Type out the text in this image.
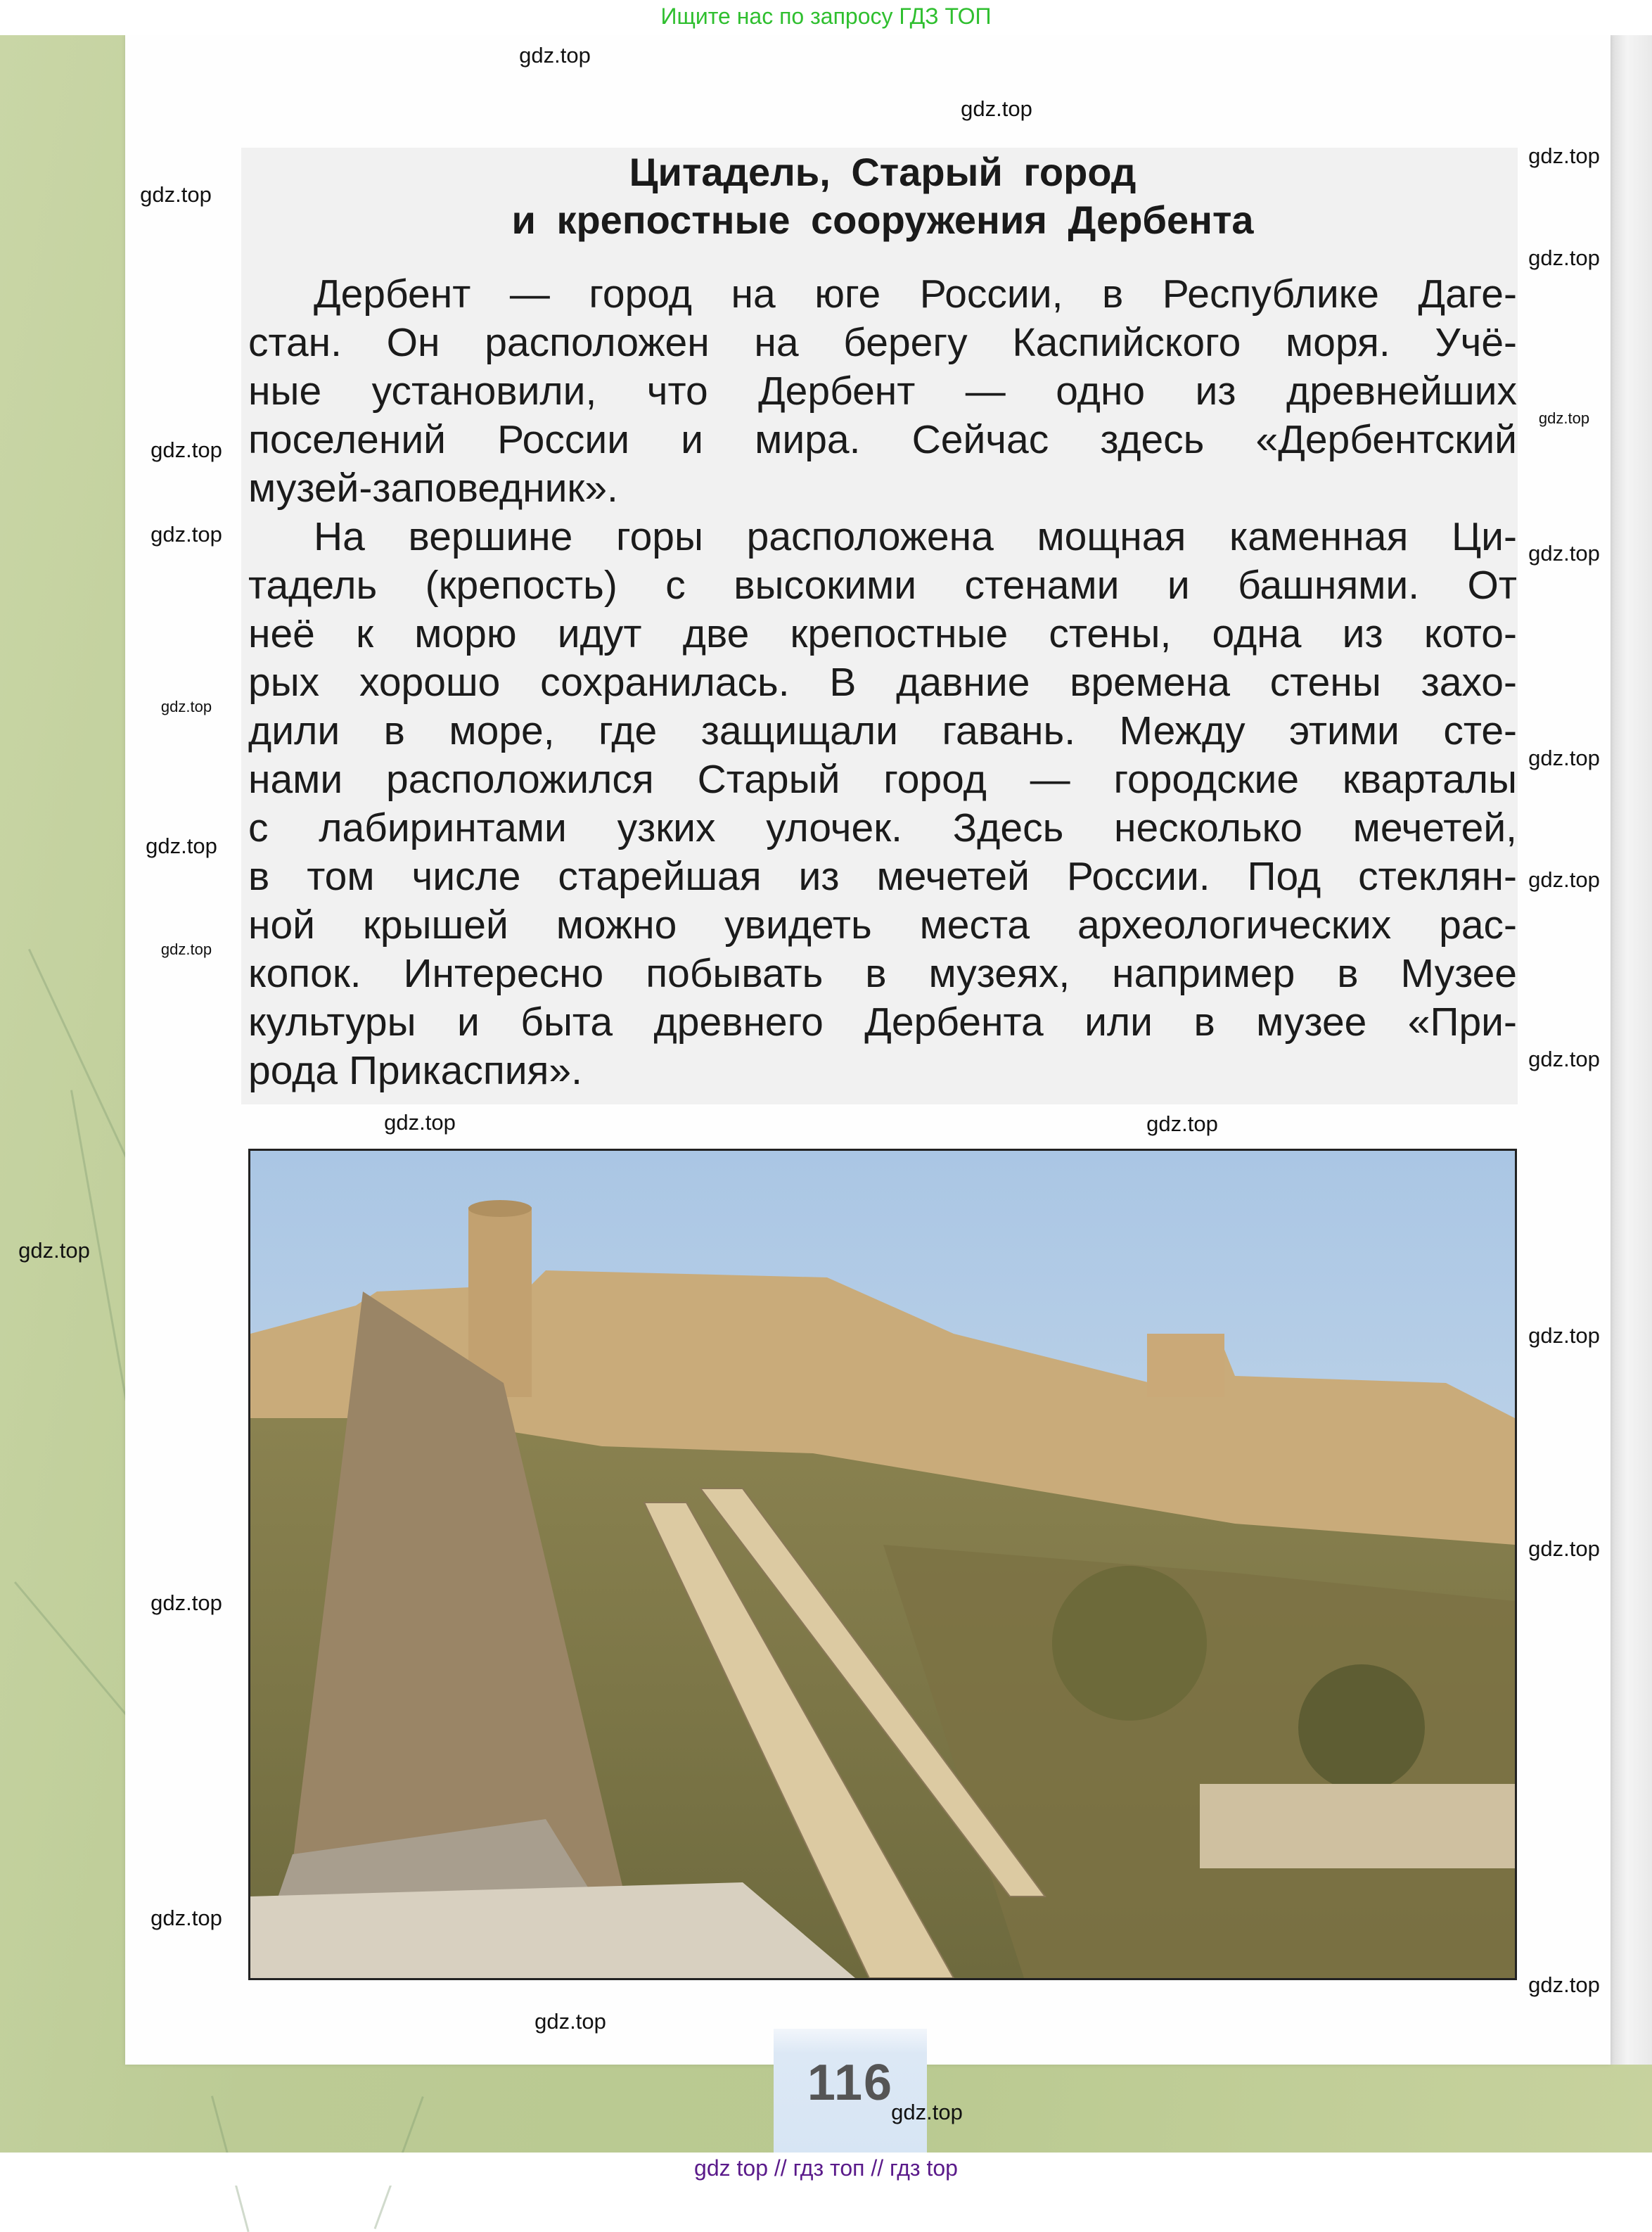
Ищите нас по запросу ГДЗ ТОП
Цитадель, Старый город
и крепостные сооружения Дербента
Дербент — город на юге России, в Республике Даге-
стан. Он расположен на берегу Каспийского моря. Учё-
ные установили, что Дербент — одно из древнейших
поселений России и мира. Сейчас здесь «Дербентский
музей-заповедник».
На вершине горы расположена мощная каменная Ци-
тадель (крепость) с высокими стенами и башнями. От
неё к морю идут две крепостные стены, одна из кото-
рых хорошо сохранилась. В давние времена стены захо-
дили в море, где защищали гавань. Между этими сте-
нами расположился Старый город — городские кварталы
с лабиринтами узких улочек. Здесь несколько мечетей,
в том числе старейшая из мечетей России. Под стеклян-
ной крышей можно увидеть места археологических рас-
копок. Интересно побывать в музеях, например в Музее
культуры и быта древнего Дербента или в музее «При-
рода Прикаспия».
116
gdz.top
gdz.top
gdz.top
gdz.top
gdz.top
gdz.top
gdz.top
gdz.top
gdz.top
gdz.top
gdz.top
gdz.top
gdz.top
gdz.top
gdz.top
gdz.top	gdz.top
gdz.top
gdz.top
gdz.top
gdz.top
gdz.top
gdz.top
gdz.top
gdz.top
gdz top // гдз топ // гдз top
